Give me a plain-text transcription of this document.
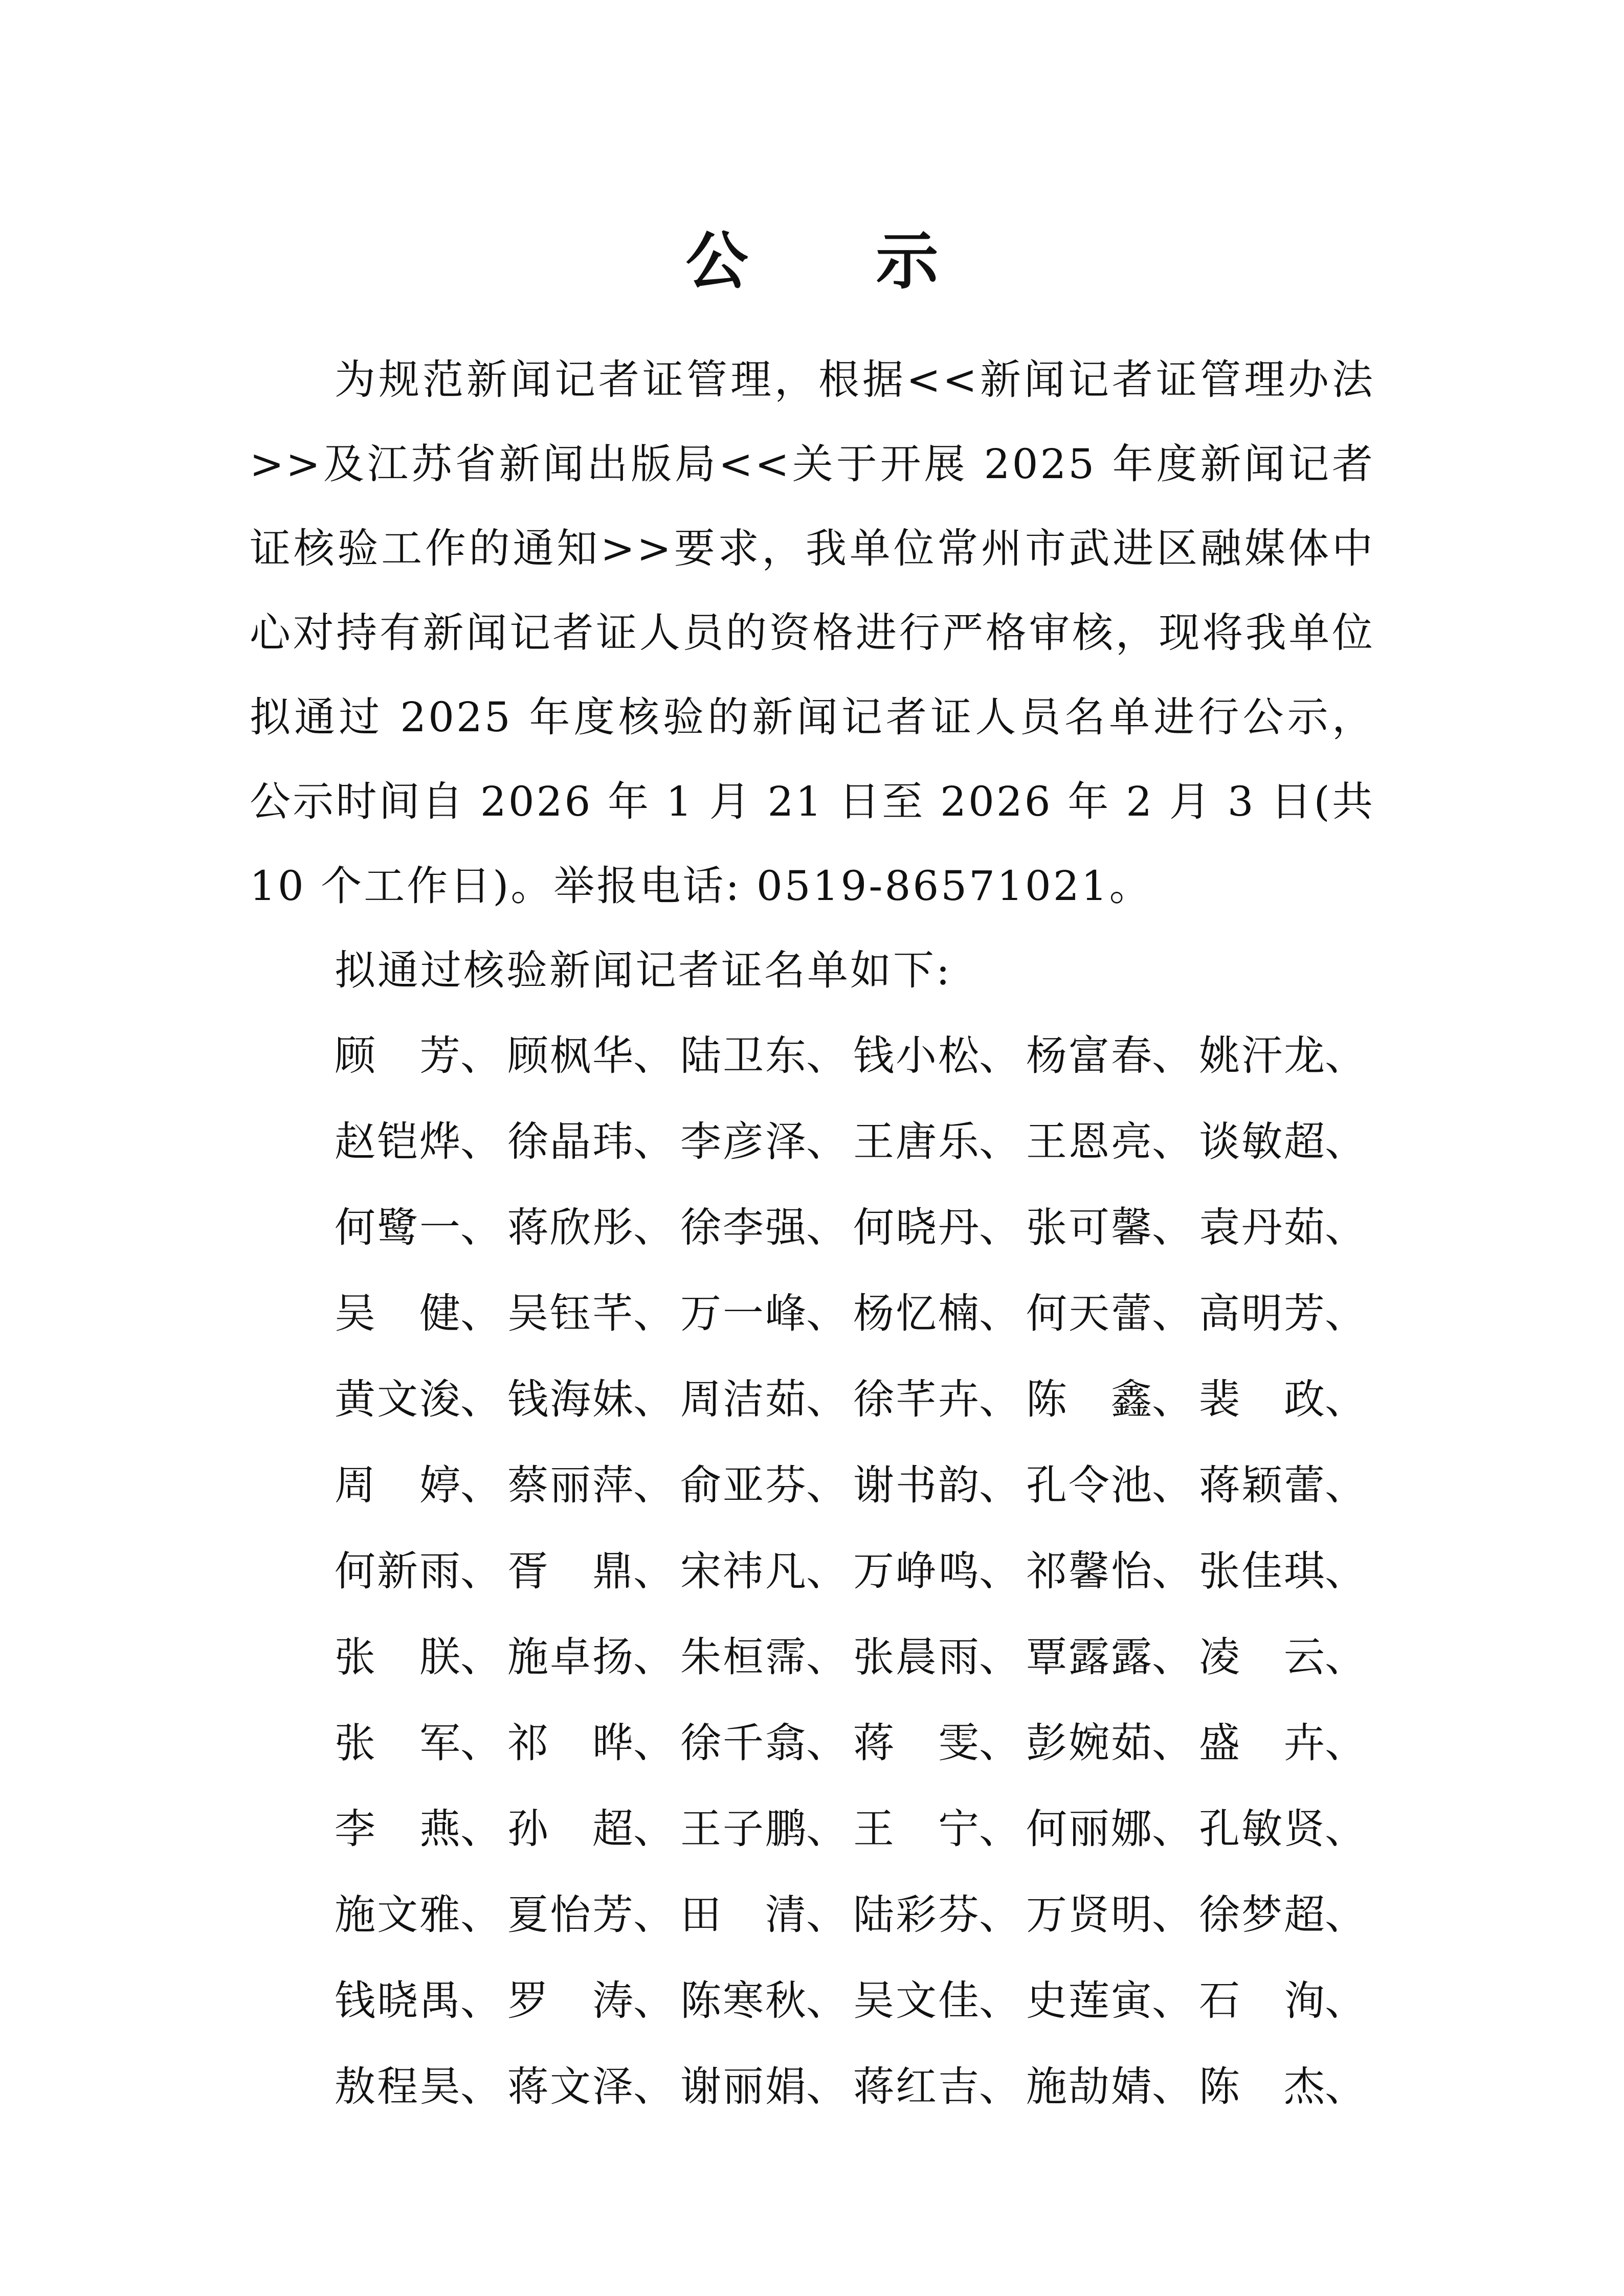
公 示

为规范新闻记者证管理，根据<<新闻记者证管理办法>>及江苏省新闻出版局<<关于开展 2025 年度新闻记者证核验工作的通知>>要求，我单位常州市武进区融媒体中心对持有新闻记者证人员的资格进行严格审核，现将我单位拟通过 2025 年度核验的新闻记者证人员名单进行公示，公示时间自 2026 年 1 月 21 日至 2026 年 2 月 3 日(共 10 个工作日)。举报电话: 0519-86571021。

拟通过核验新闻记者证名单如下:

顾芳 、 顾枫华 、 陆卫东 、 钱小松 、 杨富春 、 姚汗龙 、
赵铠烨 、 徐晶玮 、 李彦泽 、 王唐乐 、 王恩亮 、 谈敏超 、
何鹭一 、 蒋欣彤 、 徐李强 、 何晓丹 、 张可馨 、 袁丹茹 、
吴健 、 吴钰芊 、 万一峰 、 杨忆楠 、 何天蕾 、 高明芳 、
黄文浚 、 钱海妹 、 周洁茹 、 徐芊卉 、 陈鑫 、 裴政 、
周婷 、 蔡丽萍 、 俞亚芬 、 谢书韵 、 孔令池 、 蒋颖蕾 、
何新雨 、 胥鼎 、 宋祎凡 、 万峥鸣 、 祁馨怡 、 张佳琪 、
张朕 、 施卓扬 、 朱桓霈 、 张晨雨 、 覃露露 、 凌云 、
张军 、 祁晔 、 徐千翕 、 蒋雯 、 彭婉茹 、 盛卉 、
李燕 、 孙超 、 王子鹏 、 王宁 、 何丽娜 、 孔敏贤 、
施文雅 、 夏怡芳 、 田清 、 陆彩芬 、 万贤明 、 徐梦超 、
钱晓禺 、 罗涛 、 陈寒秋 、 吴文佳 、 史莲寅 、 石洵 、
敖程昊 、 蒋文泽 、 谢丽娟 、 蒋红吉 、 施劼婧 、 陈杰 、
